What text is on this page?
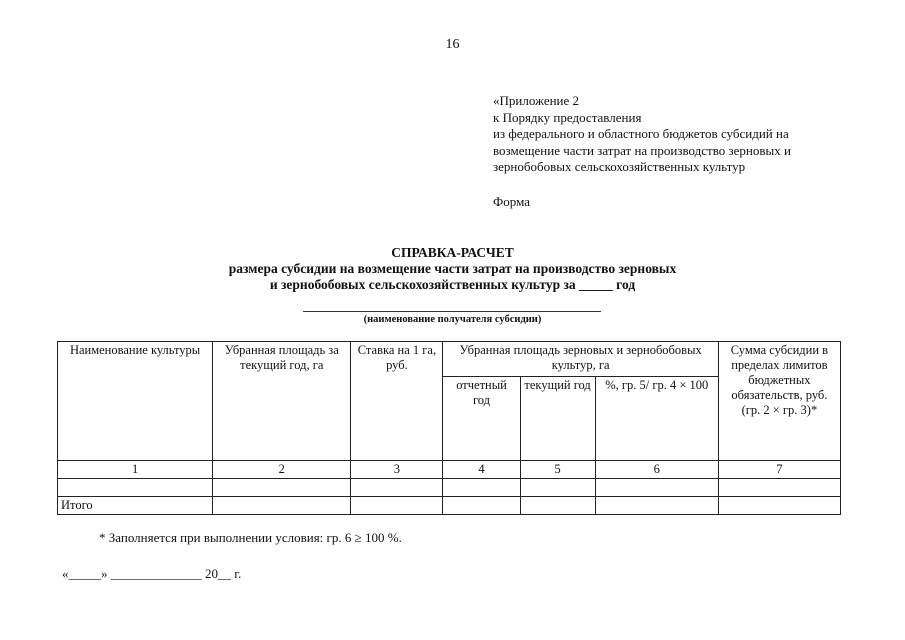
16
«Приложение 2
к Порядку предоставления
из федерального и областного бюджетов субсидий на
возмещение части затрат на производство зерновых и
зернобобовых сельскохозяйственных культур
Форма
СПРАВКА-РАСЧЕТ
размера субсидии на возмещение части затрат на производство зерновых
и зернобобовых сельскохозяйственных культур за _____ год
(наименование получателя субсидии)
Наименование культуры	Убранная площадь за текущий год, га	Ставка на 1 га, руб.	Убранная площадь зерновых и зернобобовых культур, га			Сумма субсидии в пределах лимитов бюджетных обязательств, руб. (гр. 2 × гр. 3)*
			отчетный год	текущий год	%, гр. 5/ гр. 4 × 100	
1	2	3	4	5	6	7

Итого						
* Заполняется при выполнении условия: гр. 6 ≥ 100 %.
«_____» ______________ 20__ г.
